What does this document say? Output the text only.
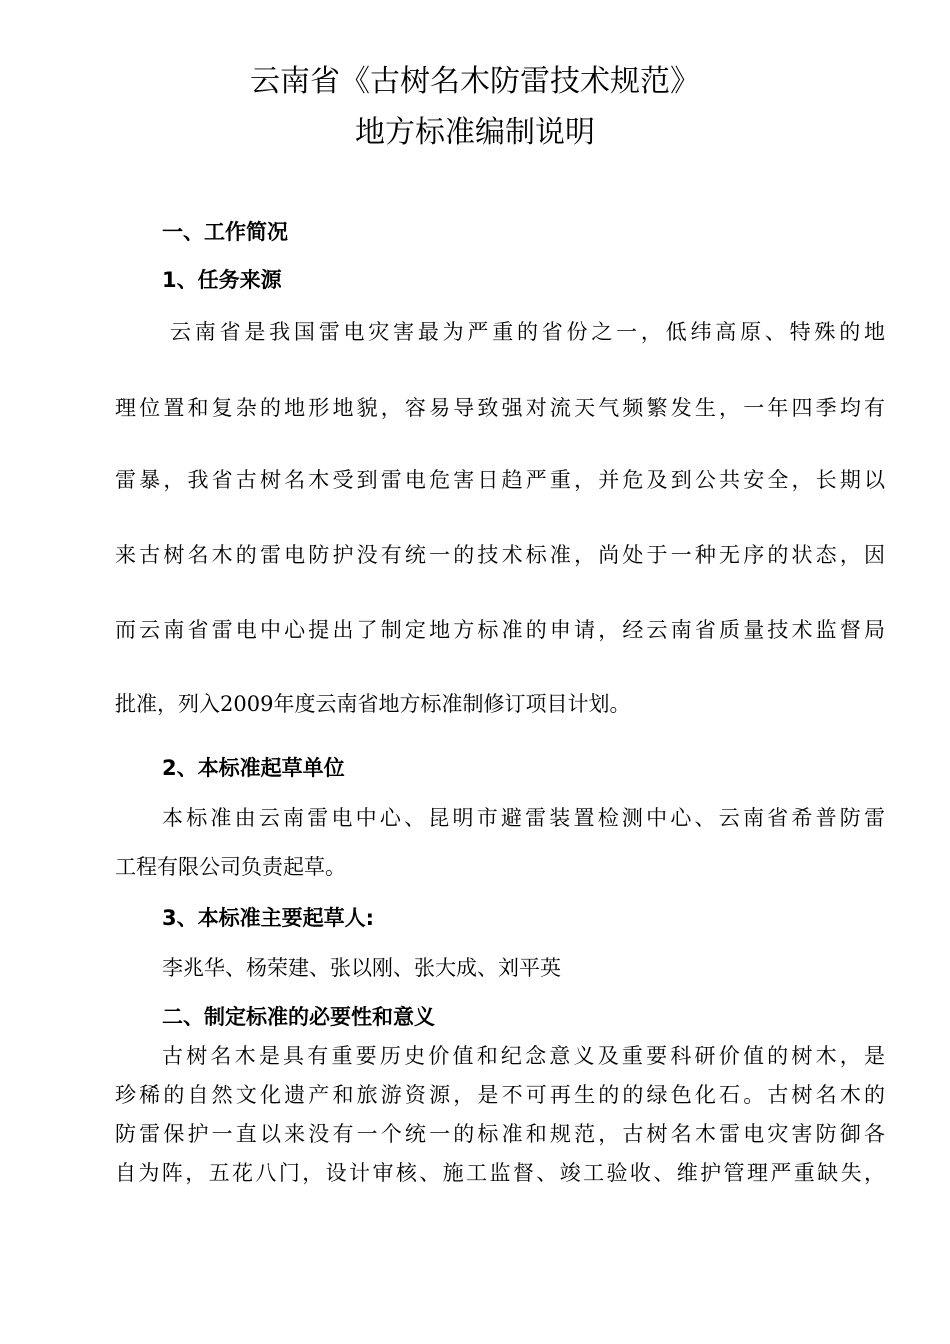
云南省《古树名木防雷技术规范》
地方标准编制说明
一、工作简况
1、任务来源

云南省是我国雷电灾害最为严重的省份之一，低纬高原、特殊的地

理位置和复杂的地形地貌，容易导致强对流天气频繁发生，一年四季均有

雷暴，我省古树名木受到雷电危害日趋严重，并危及到公共安全，长期以

来古树名木的雷电防护没有统一的技术标准，尚处于一种无序的状态，因

而云南省雷电中心提出了制定地方标准的申请，经云南省质量技术监督局

批准，列入2009年度云南省地方标准制修订项目计划。

2、本标准起草单位

本标准由云南雷电中心、昆明市避雷装置检测中心、云南省希普防雷

工程有限公司负责起草。

3、本标准主要起草人:

李兆华、杨荣建、张以刚、张大成、刘平英

二、制定标准的必要性和意义

古树名木是具有重要历史价值和纪念意义及重要科研价值的树木，是

珍稀的自然文化遗产和旅游资源，是不可再生的的绿色化石。古树名木的

防雷保护一直以来没有一个统一的标准和规范，古树名木雷电灾害防御各

自为阵，五花八门，设计审核、施工监督、竣工验收、维护管理严重缺失，
